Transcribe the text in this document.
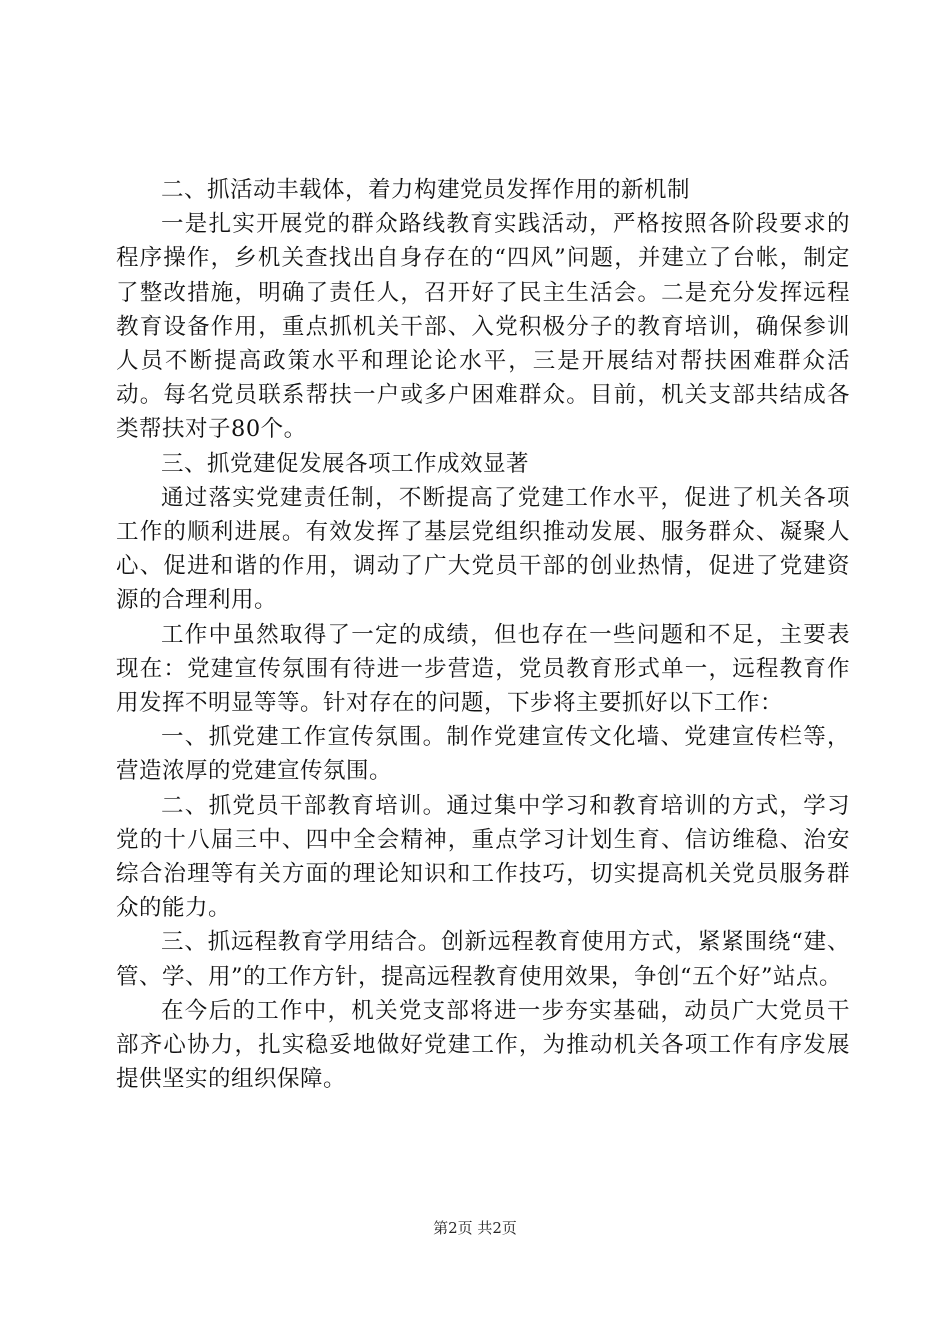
二、抓活动丰载体，着力构建党员发挥作用的新机制

一是扎实开展党的群众路线教育实践活动，严格按照各阶段要求的程序操作，乡机关查找出自身存在的“四风”问题，并建立了台帐，制定了整改措施，明确了责任人，召开好了民主生活会。二是充分发挥远程教育设备作用，重点抓机关干部、入党积极分子的教育培训，确保参训人员不断提高政策水平和理论论水平，三是开展结对帮扶困难群众活动。每名党员联系帮扶一户或多户困难群众。目前，机关支部共结成各类帮扶对子80个。

三、抓党建促发展各项工作成效显著

通过落实党建责任制，不断提高了党建工作水平，促进了机关各项工作的顺利进展。有效发挥了基层党组织推动发展、服务群众、凝聚人心、促进和谐的作用，调动了广大党员干部的创业热情，促进了党建资源的合理利用。

工作中虽然取得了一定的成绩，但也存在一些问题和不足，主要表现在：党建宣传氛围有待进一步营造，党员教育形式单一，远程教育作用发挥不明显等等。针对存在的问题，下步将主要抓好以下工作：

一、抓党建工作宣传氛围。制作党建宣传文化墙、党建宣传栏等，营造浓厚的党建宣传氛围。

二、抓党员干部教育培训。通过集中学习和教育培训的方式，学习党的十八届三中、四中全会精神，重点学习计划生育、信访维稳、治安综合治理等有关方面的理论知识和工作技巧，切实提高机关党员服务群众的能力。

三、抓远程教育学用结合。创新远程教育使用方式，紧紧围绕“建、管、学、用”的工作方针，提高远程教育使用效果，争创“五个好”站点。

在今后的工作中，机关党支部将进一步夯实基础，动员广大党员干部齐心协力，扎实稳妥地做好党建工作，为推动机关各项工作有序发展提供坚实的组织保障。

第2页 共2页
